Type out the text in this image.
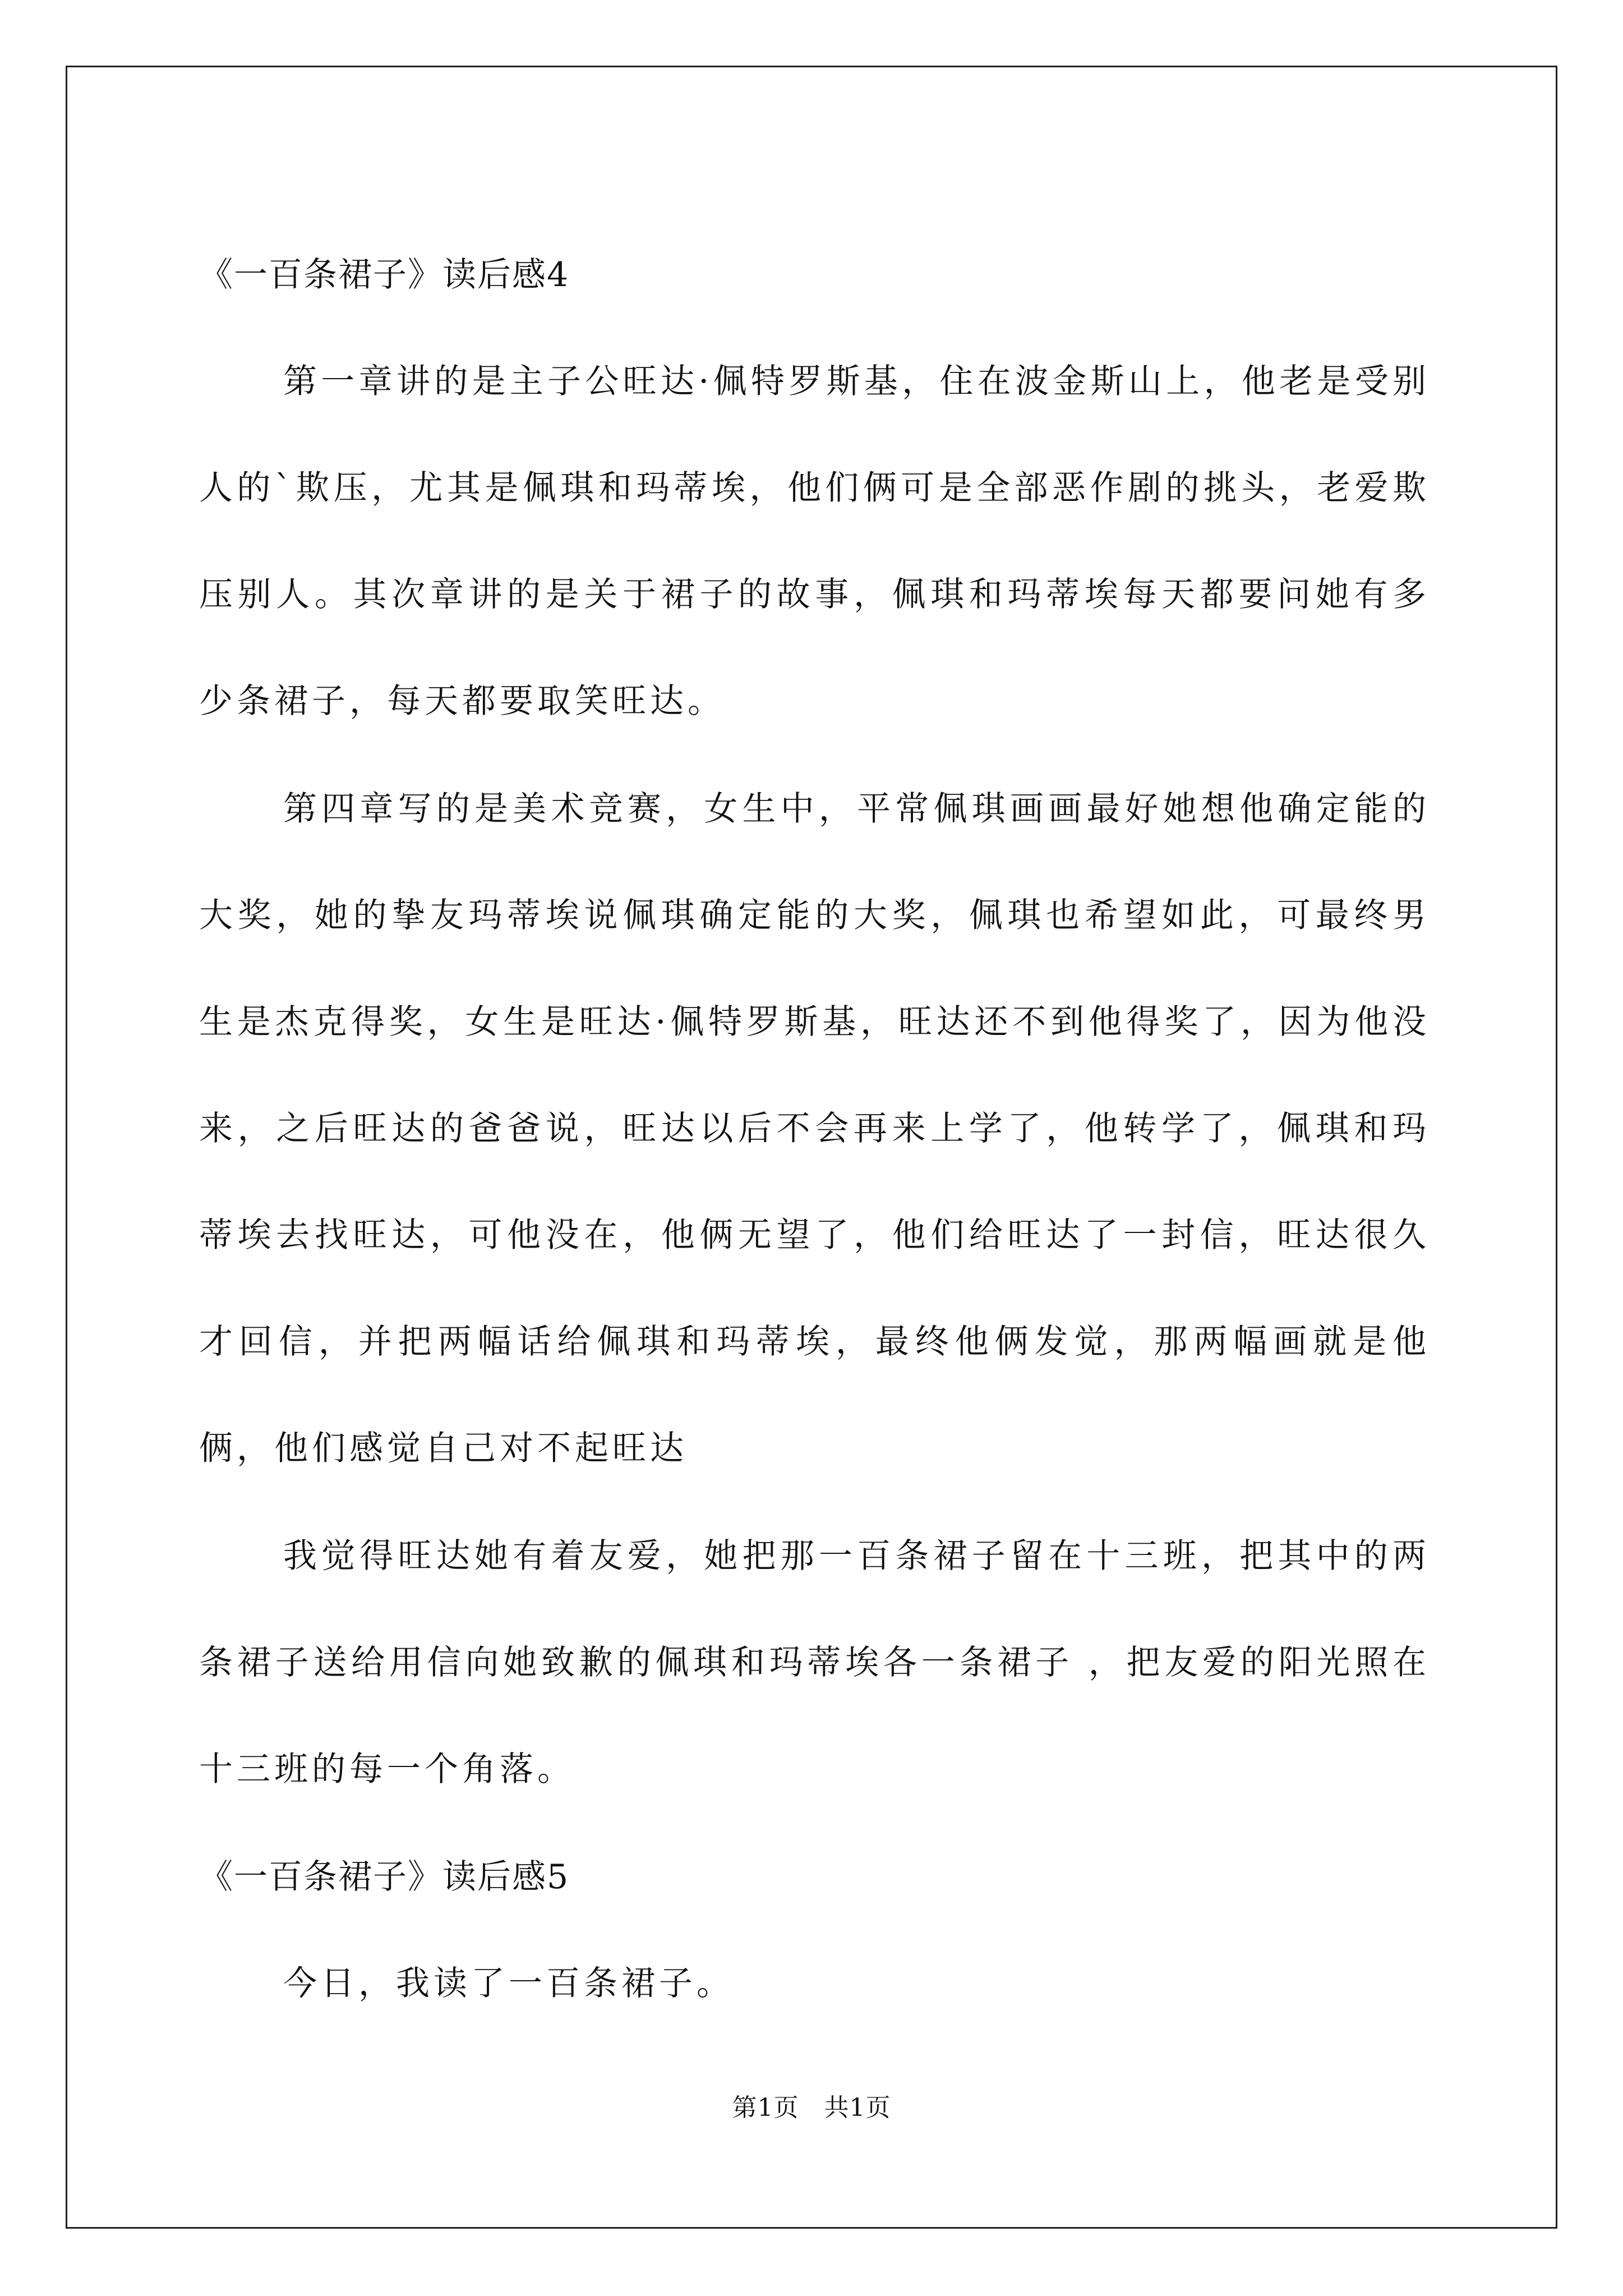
《一百条裙子》读后感4

第一章讲的是主子公旺达·佩特罗斯基，住在波金斯山上，他老是受别人的`欺压，尤其是佩琪和玛蒂埃，他们俩可是全部恶作剧的挑头，老爱欺压别人。其次章讲的是关于裙子的故事，佩琪和玛蒂埃每天都要问她有多少条裙子，每天都要取笑旺达。

第四章写的是美术竞赛，女生中，平常佩琪画画最好她想他确定能的大奖，她的挚友玛蒂埃说佩琪确定能的大奖，佩琪也希望如此，可最终男生是杰克得奖，女生是旺达·佩特罗斯基，旺达还不到他得奖了，因为他没来，之后旺达的爸爸说，旺达以后不会再来上学了，他转学了，佩琪和玛蒂埃去找旺达，可他没在，他俩无望了，他们给旺达了一封信，旺达很久才回信，并把两幅话给佩琪和玛蒂埃，最终他俩发觉，那两幅画就是他俩，他们感觉自己对不起旺达

我觉得旺达她有着友爱，她把那一百条裙子留在十三班，把其中的两条裙子送给用信向她致歉的佩琪和玛蒂埃各一条裙子 ，把友爱的阳光照在十三班的每一个角落。

《一百条裙子》读后感5

今日，我读了一百条裙子。

第1页   共1页
